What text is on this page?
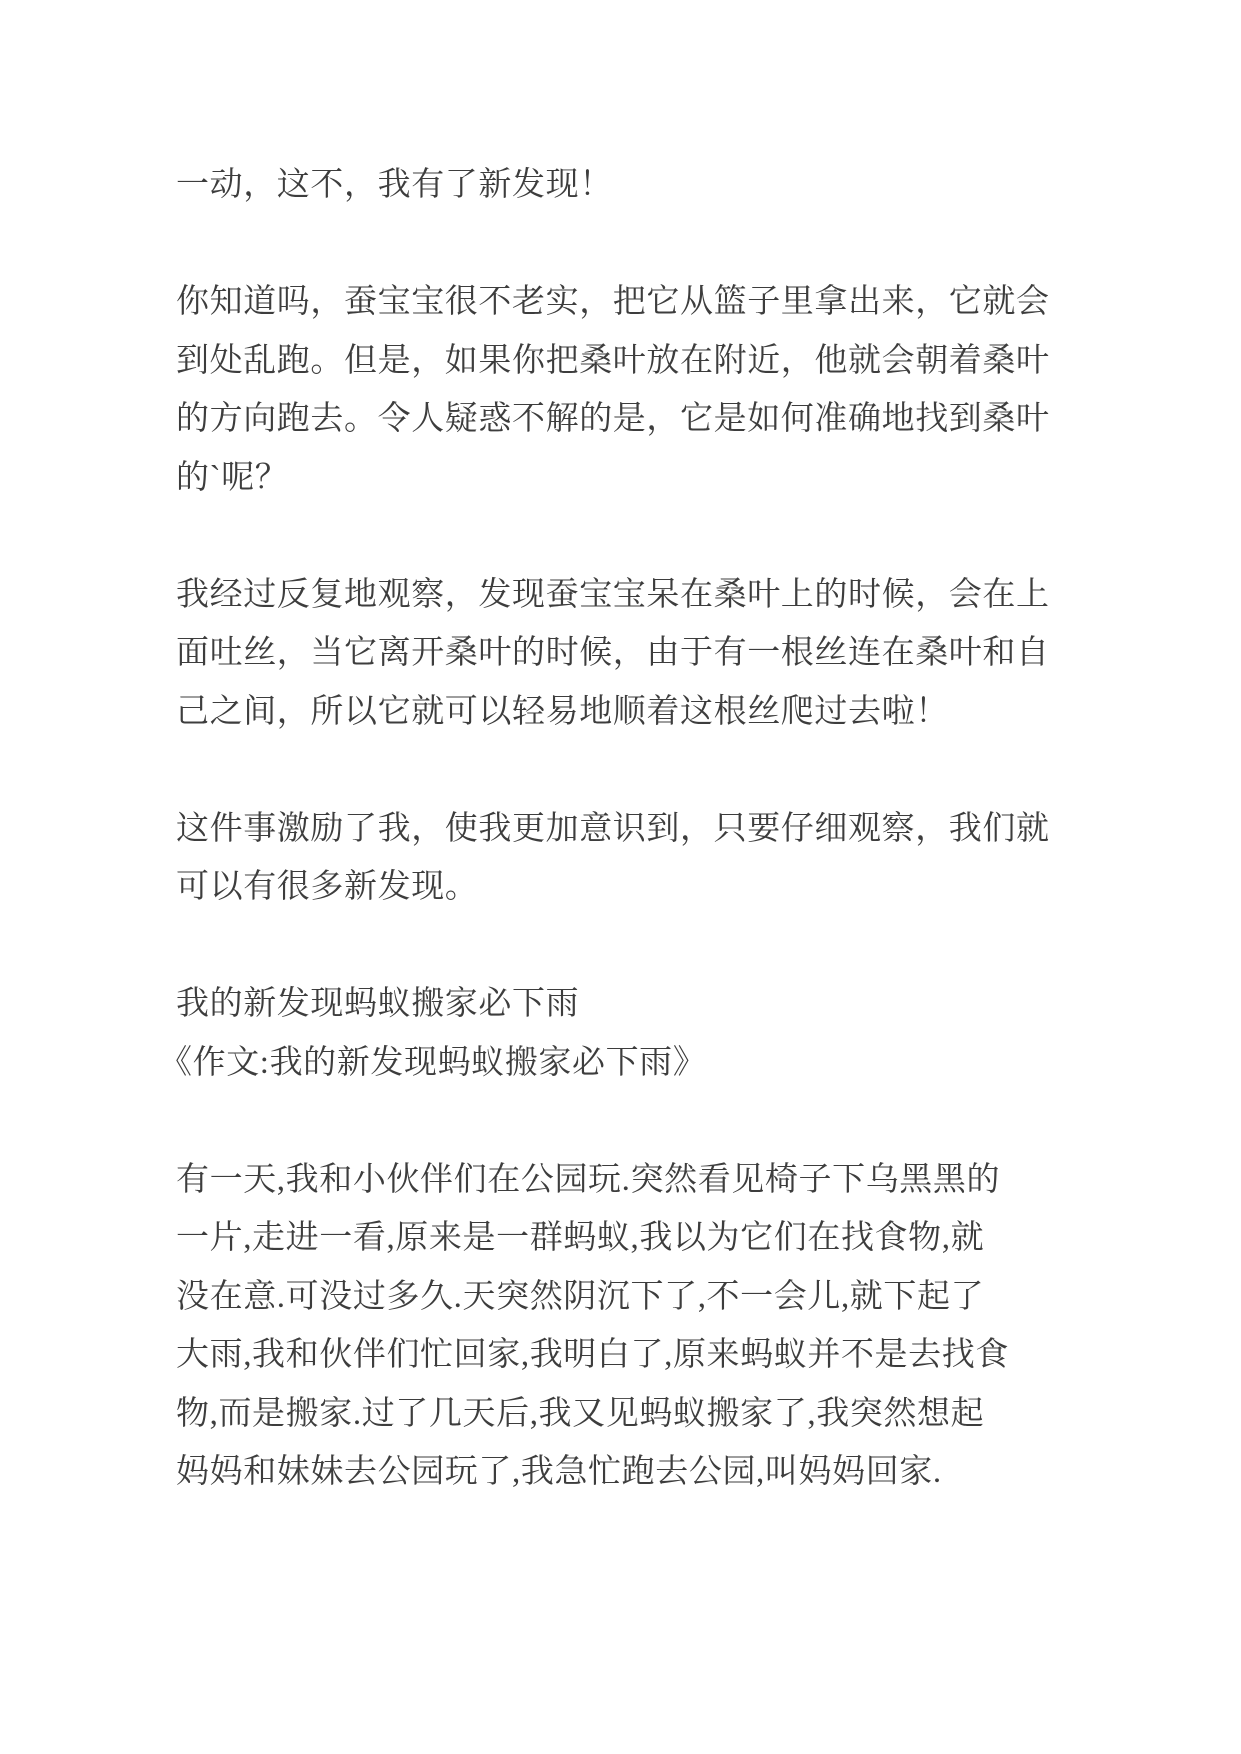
一动，这不，我有了新发现！
你知道吗，蚕宝宝很不老实，把它从篮子里拿出来，它就会
到处乱跑。但是，如果你把桑叶放在附近，他就会朝着桑叶
的方向跑去。令人疑惑不解的是，它是如何准确地找到桑叶
的`呢？
我经过反复地观察，发现蚕宝宝呆在桑叶上的时候，会在上
面吐丝，当它离开桑叶的时候，由于有一根丝连在桑叶和自
己之间，所以它就可以轻易地顺着这根丝爬过去啦！
这件事激励了我，使我更加意识到，只要仔细观察，我们就
可以有很多新发现。
我的新发现蚂蚁搬家必下雨
《作文:我的新发现蚂蚁搬家必下雨》
有一天,我和小伙伴们在公园玩.突然看见椅子下乌黑黑的
一片,走进一看,原来是一群蚂蚁,我以为它们在找食物,就
没在意.可没过多久.天突然阴沉下了,不一会儿,就下起了
大雨,我和伙伴们忙回家,我明白了,原来蚂蚁并不是去找食
物,而是搬家.过了几天后,我又见蚂蚁搬家了,我突然想起
妈妈和妹妹去公园玩了,我急忙跑去公园,叫妈妈回家.
